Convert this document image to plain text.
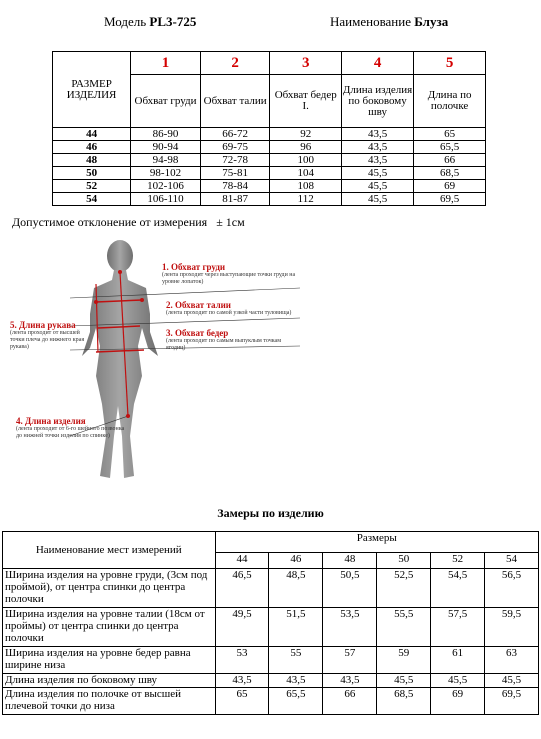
Модель PL3-725	Наименование Блуза
РАЗМЕР ИЗДЕЛИЯ	1	2	3	4	5
	Обхват груди	Обхват талии	Обхват бедер I.	Длина изделия по боковому шву	Длина по полочке
44	86-90	66-72	92	43,5	65
46	90-94	69-75	96	43,5	65,5
48	94-98	72-78	100	43,5	66
50	98-102	75-81	104	45,5	68,5
52	102-106	78-84	108	45,5	69
54	106-110	81-87	112	45,5	69,5
Допустимое отклонение от измерения ± 1см
1. Обхват груди
(лента проходит через выступающие точки груди на уровне лопаток)
2. Обхват талии
(лента проходит по самой узкой части туловища)
3. Обхват бедер
(лента проходит по самым выпуклым точкам ягодиц)
5. Длина рукава
(лента проходит от высшей точки плеча до нижнего края рукава)
4. Длина изделия
(лента проходит от 6-го шейного позвонка до нижней точки изделия по спинке)
Замеры по изделию
Наименование мест измерений	Размеры					
	44	46	48	50	52	54
Ширина изделия на уровне груди, (3см под проймой), от центра спинки до центра полочки	46,5	48,5	50,5	52,5	54,5	56,5
Ширина изделия на уровне талии (18см от проймы) от центра спинки до центра полочки	49,5	51,5	53,5	55,5	57,5	59,5
Ширина изделия на уровне бедер равна ширине низа	53	55	57	59	61	63
Длина изделия по боковому шву	43,5	43,5	43,5	45,5	45,5	45,5
Длина изделия по полочке от высшей плечевой точки до низа	65	65,5	66	68,5	69	69,5
